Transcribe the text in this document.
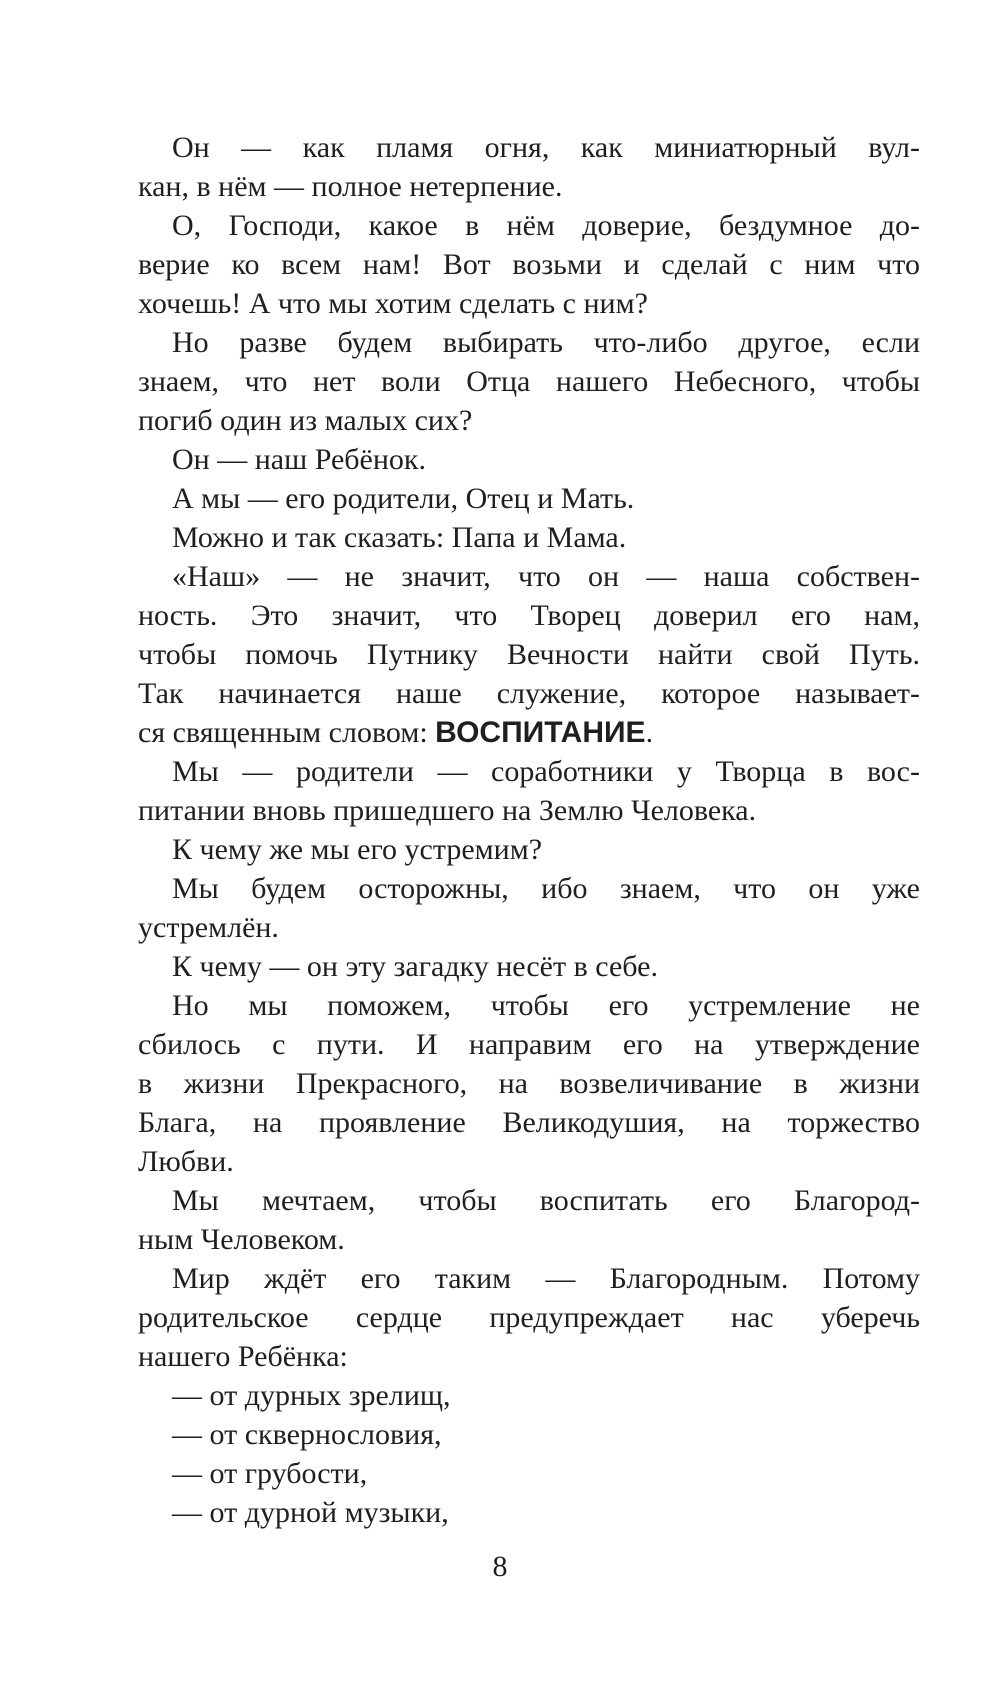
Он — как пламя огня, как миниатюрный вул-
кан, в нём — полное нетерпение.
О, Господи, какое в нём доверие, бездумное до-
верие ко всем нам! Вот возьми и сделай с ним что
хочешь! А что мы хотим сделать с ним?
Но разве будем выбирать что-либо другое, если
знаем, что нет воли Отца нашего Небесного, чтобы
погиб один из малых сих?
Он — наш Ребёнок.
А мы — его родители, Отец и Мать.
Можно и так сказать: Папа и Мама.
«Наш» — не значит, что он — наша собствен-
ность. Это значит, что Творец доверил его нам,
чтобы помочь Путнику Вечности найти свой Путь.
Так начинается наше служение, которое называет-
ся священным словом: ВОСПИТАНИЕ.
Мы — родители — соработники у Творца в вос-
питании вновь пришедшего на Землю Человека.
К чему же мы его устремим?
Мы будем осторожны, ибо знаем, что он уже
устремлён.
К чему — он эту загадку несёт в себе.
Но мы поможем, чтобы его устремление не
сбилось с пути. И направим его на утверждение
в жизни Прекрасного, на возвеличивание в жизни
Блага, на проявление Великодушия, на торжество
Любви.
Мы мечтаем, чтобы воспитать его Благород-
ным Человеком.
Мир ждёт его таким — Благородным. Потому
родительское сердце предупреждает нас уберечь
нашего Ребёнка:
— от дурных зрелищ,
— от сквернословия,
— от грубости,
— от дурной музыки,
8
